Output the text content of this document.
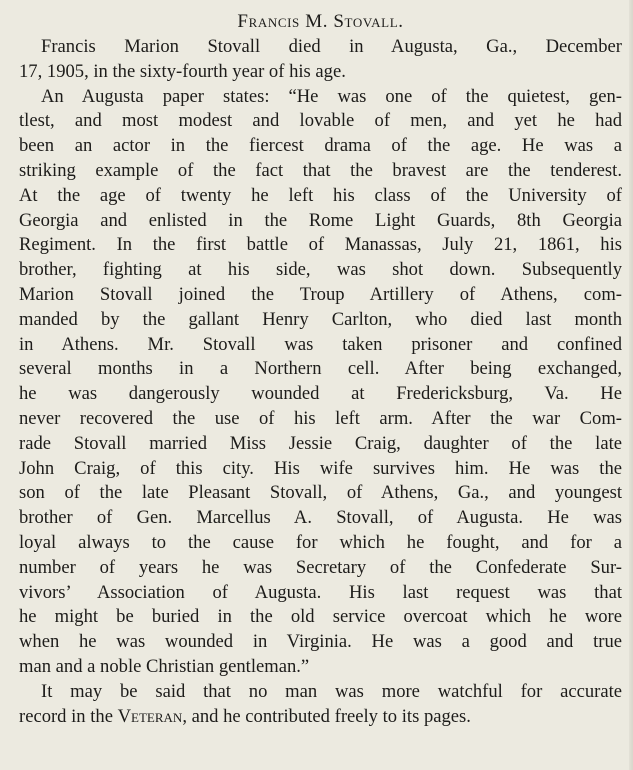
Francis M. Stovall.

Francis Marion Stovall died in Augusta, Ga., December
17, 1905, in the sixty-fourth year of his age.

An Augusta paper states: “He was one of the quietest, gen-
tlest, and most modest and lovable of men, and yet he had
been an actor in the fiercest drama of the age. He was a
striking example of the fact that the bravest are the tenderest.
At the age of twenty he left his class of the University of
Georgia and enlisted in the Rome Light Guards, 8th Georgia
Regiment. In the first battle of Manassas, July 21, 1861, his
brother, fighting at his side, was shot down. Subsequently
Marion Stovall joined the Troup Artillery of Athens, com-
manded by the gallant Henry Carlton, who died last month
in Athens. Mr. Stovall was taken prisoner and confined
several months in a Northern cell. After being exchanged,
he was dangerously wounded at Fredericksburg, Va. He
never recovered the use of his left arm. After the war Com-
rade Stovall married Miss Jessie Craig, daughter of the late
John Craig, of this city. His wife survives him. He was the
son of the late Pleasant Stovall, of Athens, Ga., and youngest
brother of Gen. Marcellus A. Stovall, of Augusta. He was
loyal always to the cause for which he fought, and for a
number of years he was Secretary of the Confederate Sur-
vivors’ Association of Augusta. His last request was that
he might be buried in the old service overcoat which he wore
when he was wounded in Virginia. He was a good and true
man and a noble Christian gentleman.”

It may be said that no man was more watchful for accurate
record in the Veteran, and he contributed freely to its pages.
